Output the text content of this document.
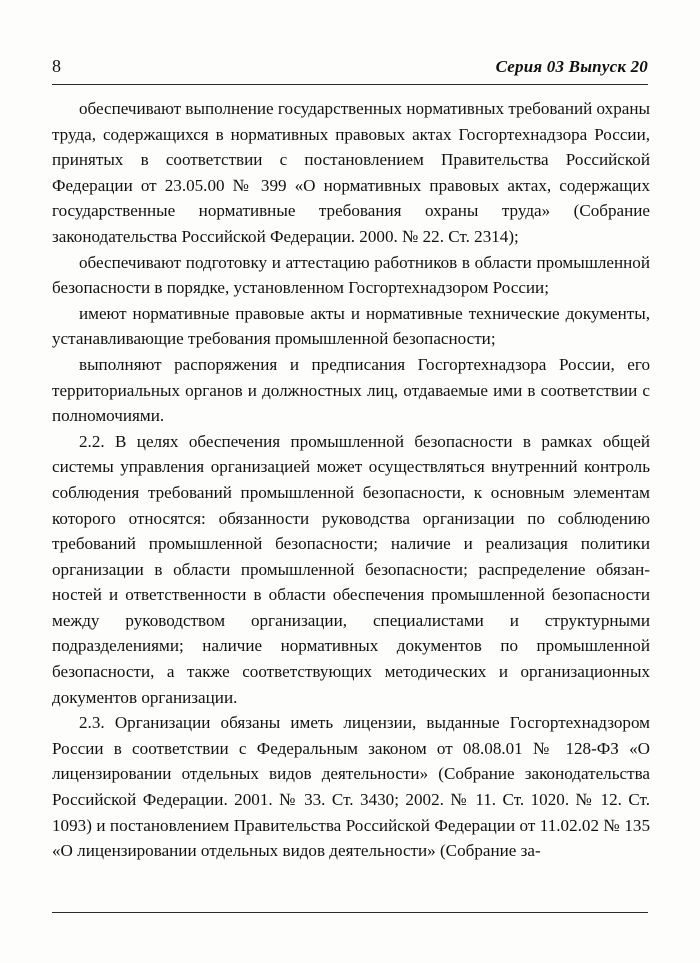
8	Серия 03 Выпуск 20

обеспечивают выполнение государственных нормативных требований охраны труда, содержащихся в нормативных правовых актах Госгортехнадзора России, принятых в соответствии с постановлением Правительства Российской Федерации от 23.05.00 № 399 «О нормативных правовых актах, содержащих государственные нормативные требования охраны труда» (Собрание законодательства Российской Федерации. 2000. № 22. Ст. 2314);

обеспечивают подготовку и аттестацию работников в области промышленной безопасности в порядке, установленном Госгортехнадзором России;

имеют нормативные правовые акты и нормативные технические документы, устанавливающие требования промышленной безопасности;

выполняют распоряжения и предписания Госгортехнадзора России, его территориальных органов и должностных лиц, отдаваемые ими в соответствии с полномочиями.

2.2. В целях обеспечения промышленной безопасности в рамках общей системы управления организацией может осуществляться внутренний контроль соблюдения требований промышленной безопасности, к основным элементам которого относятся: обязанности руководства организации по соблюдению требований промышленной безопасности; наличие и реализация политики организации в области промышленной безопасности; распределение обязанностей и ответственности в области обеспечения промышленной безопасности между руководством организации, специалистами и структурными подразделениями; наличие нормативных документов по промышленной безопасности, а также соответствующих методических и организационных документов организации.

2.3. Организации обязаны иметь лицензии, выданные Госгортехнадзором России в соответствии с Федеральным законом от 08.08.01 № 128-ФЗ «О лицензировании отдельных видов деятельности» (Собрание законодательства Российской Федерации. 2001. № 33. Ст. 3430; 2002. № 11. Ст. 1020. № 12. Ст. 1093) и постановлением Правительства Российской Федерации от 11.02.02 № 135 «О лицензировании отдельных видов деятельности» (Собрание за-
